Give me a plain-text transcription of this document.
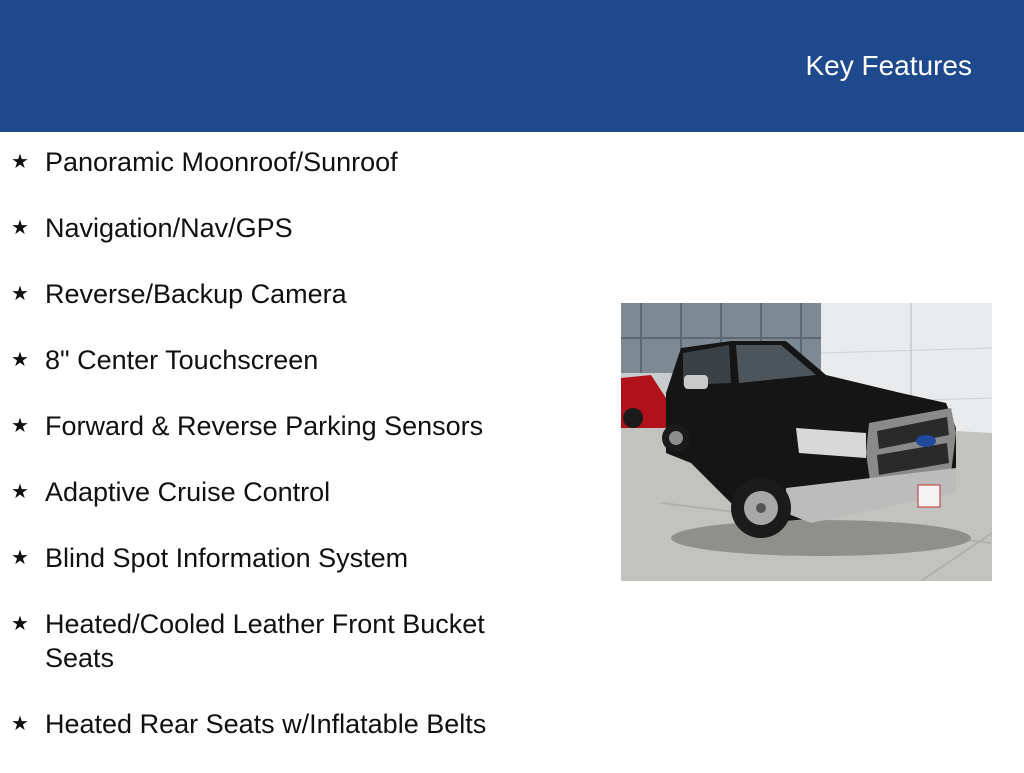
Key Features
★ Panoramic Moonroof/Sunroof
★ Navigation/Nav/GPS
★ Reverse/Backup Camera
★ 8" Center Touchscreen
★ Forward & Reverse Parking Sensors
★ Adaptive Cruise Control
★ Blind Spot Information System
★ Heated/Cooled Leather Front Bucket Seats
★ Heated Rear Seats w/Inflatable Belts
